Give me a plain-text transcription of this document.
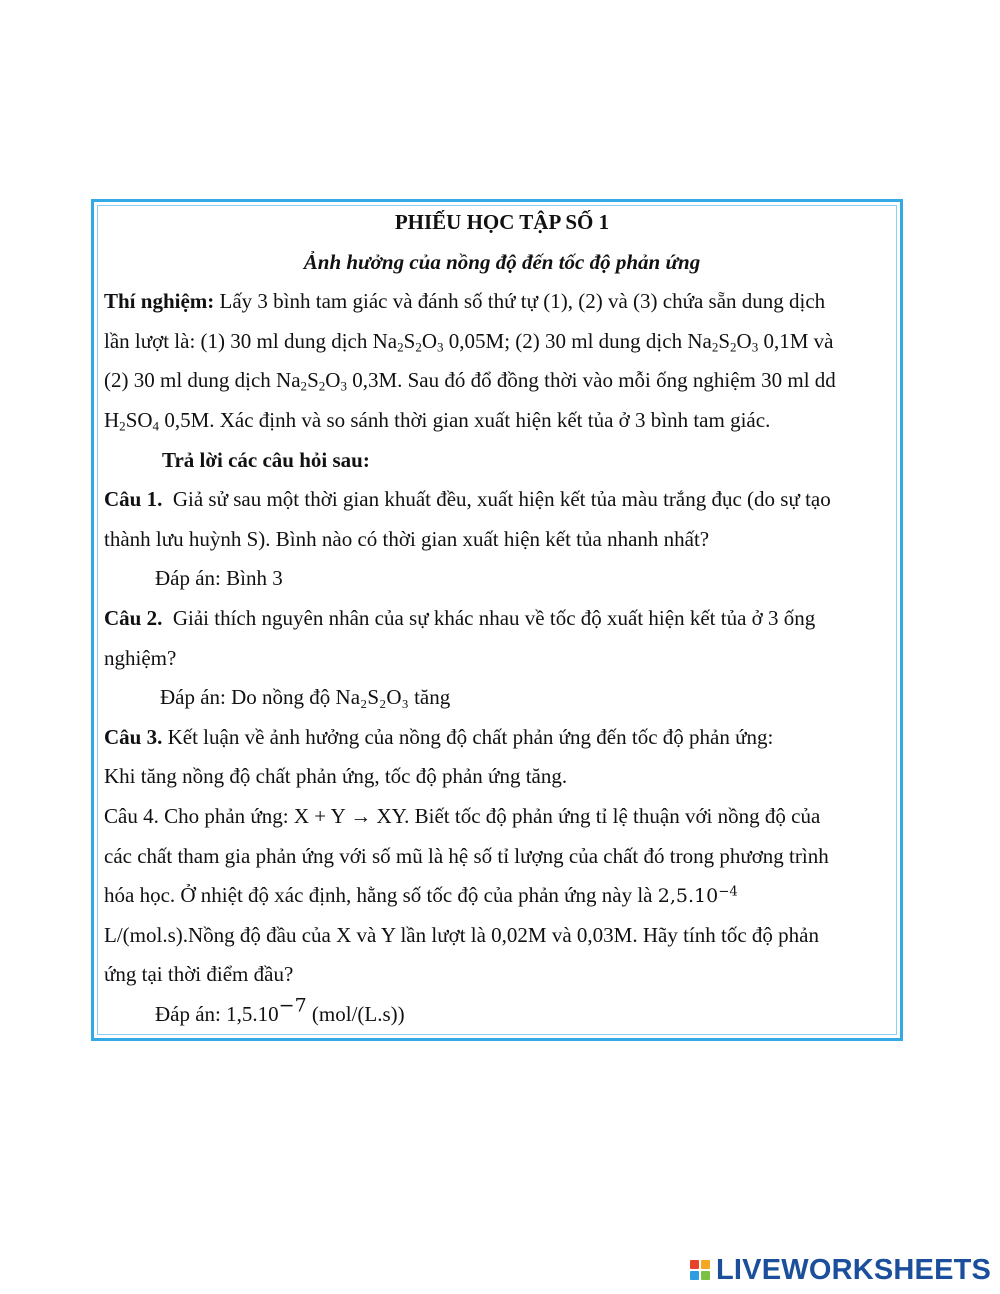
PHIẾU HỌC TẬP SỐ 1
Ảnh hưởng của nồng độ đến tốc độ phản ứng
Thí nghiệm: Lấy 3 bình tam giác và đánh số thứ tự (1), (2) và (3) chứa sẵn dung dịch
lần lượt là: (1) 30 ml dung dịch $Na_2S_2O_3$ 0,05M; (2) 30 ml dung dịch $Na_2S_2O_3$ 0,1M và
(2) 30 ml dung dịch $Na_2S_2O_3$ 0,3M. Sau đó đổ đồng thời vào mỗi ống nghiệm 30 ml dd
$H_2SO_4$ 0,5M. Xác định và so sánh thời gian xuất hiện kết tủa ở 3 bình tam giác.
Trả lời các câu hỏi sau:
Câu 1. Giả sử sau một thời gian khuất đều, xuất hiện kết tủa màu trắng đục (do sự tạo
thành lưu huỳnh S). Bình nào có thời gian xuất hiện kết tủa nhanh nhất?
Đáp án: Bình 3
Câu 2. Giải thích nguyên nhân của sự khác nhau về tốc độ xuất hiện kết tủa ở 3 ống
nghiệm?
Đáp án: Do nồng độ Na₂S₂O₃ tăng
Câu 3. Kết luận về ảnh hưởng của nồng độ chất phản ứng đến tốc độ phản ứng:
Khi tăng nồng độ chất phản ứng, tốc độ phản ứng tăng.
Câu 4. Cho phản ứng: X + Y → XY. Biết tốc độ phản ứng tỉ lệ thuận với nồng độ của
các chất tham gia phản ứng với số mũ là hệ số tỉ lượng của chất đó trong phương trình
hóa học. Ở nhiệt độ xác định, hằng số tốc độ của phản ứng này là $2,5.10^{-4}$
L/(mol.s).Nồng độ đầu của X và Y lần lượt là 0,02M và 0,03M. Hãy tính tốc độ phản
ứng tại thời điểm đầu?
Đáp án: $1,5.10^{-7}$ (mol/(L.s))
LIVEWORKSHEETS
